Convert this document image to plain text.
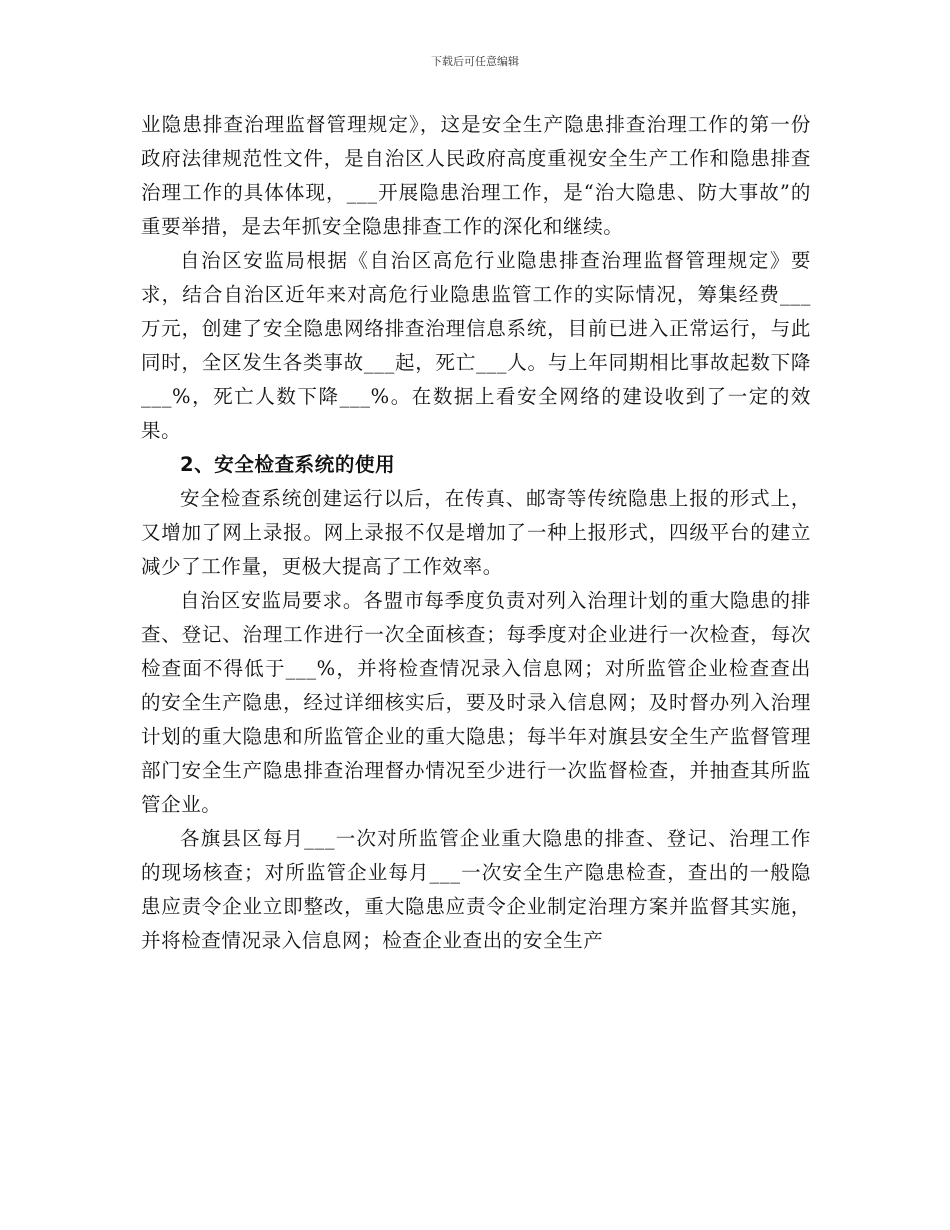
下载后可任意编辑

业隐患排查治理监督管理规定》，这是安全生产隐患排查治理工作的第一份政府法律规范性文件，是自治区人民政府高度重视安全生产工作和隐患排查治理工作的具体体现，___开展隐患治理工作，是“治大隐患、防大事故”的重要举措，是去年抓安全隐患排查工作的深化和继续。

自治区安监局根据《自治区高危行业隐患排查治理监督管理规定》要求，结合自治区近年来对高危行业隐患监管工作的实际情况，筹集经费___万元，创建了安全隐患网络排查治理信息系统，目前已进入正常运行，与此同时，全区发生各类事故___起，死亡___人。与上年同期相比事故起数下降___%，死亡人数下降___%。在数据上看安全网络的建设收到了一定的效果。

2、安全检查系统的使用

安全检查系统创建运行以后，在传真、邮寄等传统隐患上报的形式上，又增加了网上录报。网上录报不仅是增加了一种上报形式，四级平台的建立减少了工作量，更极大提高了工作效率。

自治区安监局要求。各盟市每季度负责对列入治理计划的重大隐患的排查、登记、治理工作进行一次全面核查；每季度对企业进行一次检查，每次检查面不得低于___%，并将检查情况录入信息网；对所监管企业检查查出的安全生产隐患，经过详细核实后，要及时录入信息网；及时督办列入治理计划的重大隐患和所监管企业的重大隐患；每半年对旗县安全生产监督管理部门安全生产隐患排查治理督办情况至少进行一次监督检查，并抽查其所监管企业。

各旗县区每月___一次对所监管企业重大隐患的排查、登记、治理工作的现场核查；对所监管企业每月___一次安全生产隐患检查，查出的一般隐患应责令企业立即整改，重大隐患应责令企业制定治理方案并监督其实施，并将检查情况录入信息网；检查企业查出的安全生产
